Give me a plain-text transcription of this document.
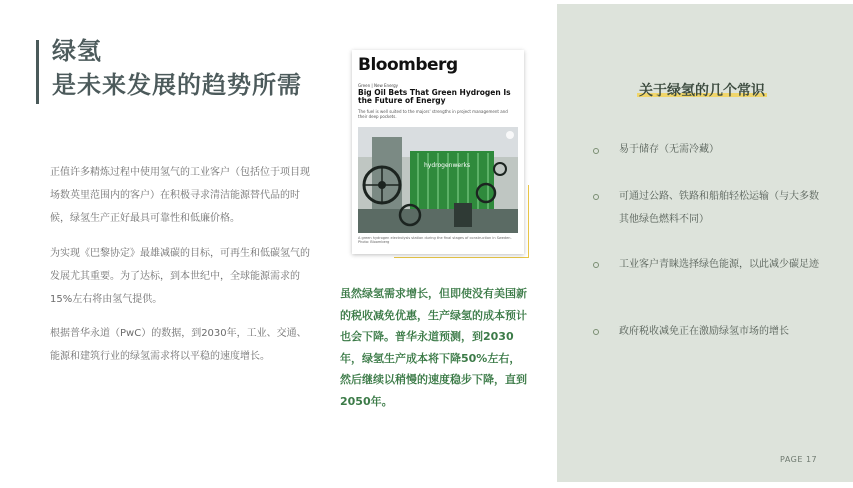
绿氢
是未来发展的趋势所需

正值许多精炼过程中使用氢气的工业客户（包括位于项目现场数英里范围内的客户）在积极寻求清洁能源替代品的时候，绿氢生产正好最具可靠性和低廉价格。

为实现《巴黎协定》最雄减碳的目标，可再生和低碳氢气的发展尤其重要。为了达标，到本世纪中，全球能源需求的15%左右将由氢气提供。

根据普华永道（PwC）的数据，到2030年，工业、交通、能源和建筑行业的绿氢需求将以平稳的速度增长。

Bloomberg
Green | New Energy
Big Oil Bets That Green Hydrogen Is the Future of Energy
The fuel is well suited to the majors' strengths in project management and their deep pockets.
hydrogenwerks
A green hydrogen electrolysis station during the final stages of construction in Sweden. Photo: Bloomberg

虽然绿氢需求增长，但即使没有美国新的税收减免优惠，生产绿氢的成本预计也会下降。普华永道预测，到2030年，绿氢生产成本将下降50%左右，然后继续以稍慢的速度稳步下降，直到2050年。

关于绿氢的几个常识

易于储存（无需冷藏）

可通过公路、铁路和船舶轻松运输（与大多数其他绿色燃料不同）

工业客户青睐选择绿色能源，以此减少碳足迹

政府税收减免正在激励绿氢市场的增长

PAGE 17
